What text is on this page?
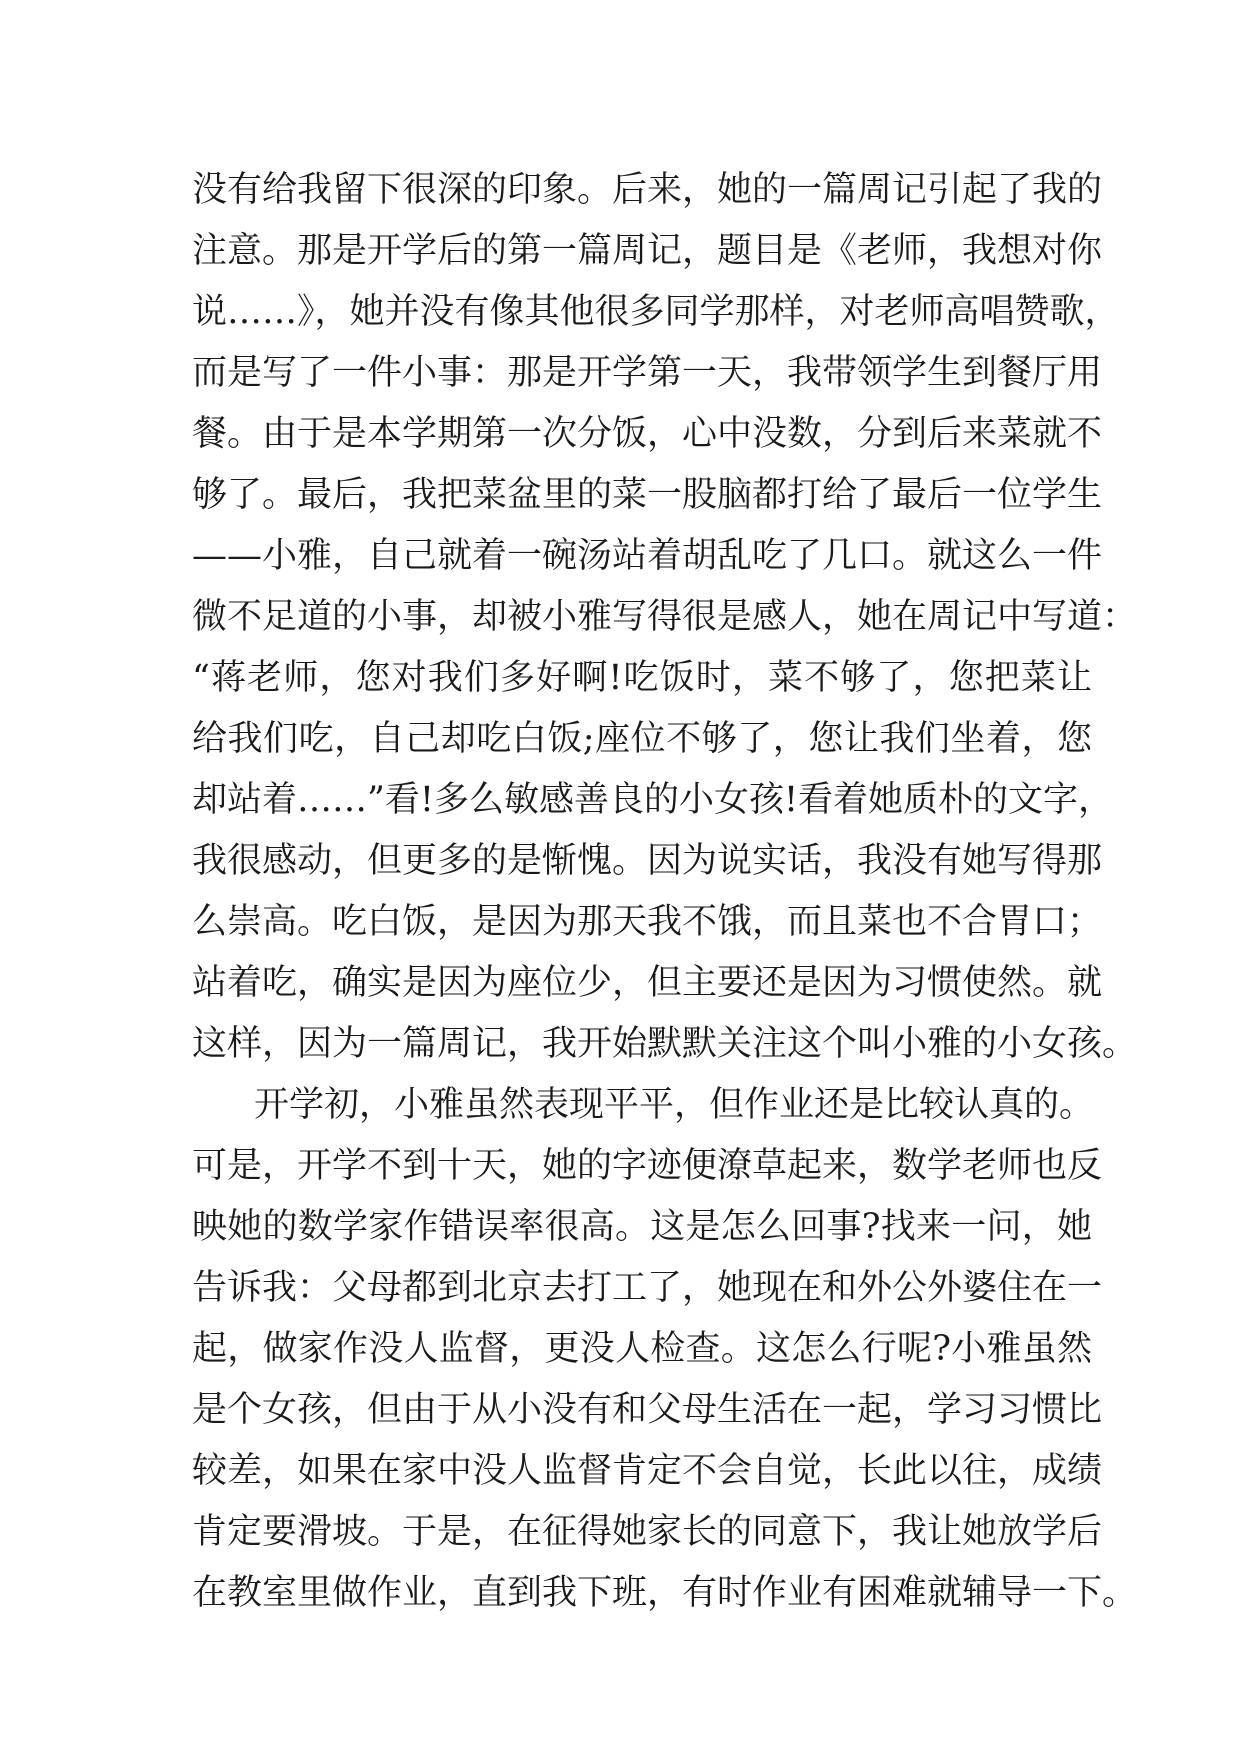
没有给我留下很深的印象。后来，她的一篇周记引起了我的
注意。那是开学后的第一篇周记，题目是《老师，我想对你
说……》，她并没有像其他很多同学那样，对老师高唱赞歌，
而是写了一件小事：那是开学第一天，我带领学生到餐厅用
餐。由于是本学期第一次分饭，心中没数，分到后来菜就不
够了。最后，我把菜盆里的菜一股脑都打给了最后一位学生
——小雅，自己就着一碗汤站着胡乱吃了几口。就这么一件
微不足道的小事，却被小雅写得很是感人，她在周记中写道：
“蒋老师，您对我们多好啊!吃饭时，菜不够了，您把菜让
给我们吃，自己却吃白饭;座位不够了，您让我们坐着，您
却站着……”看!多么敏感善良的小女孩!看着她质朴的文字，
我很感动，但更多的是惭愧。因为说实话，我没有她写得那
么崇高。吃白饭，是因为那天我不饿，而且菜也不合胃口；
站着吃，确实是因为座位少，但主要还是因为习惯使然。就
这样，因为一篇周记，我开始默默关注这个叫小雅的小女孩。
开学初，小雅虽然表现平平，但作业还是比较认真的。
可是，开学不到十天，她的字迹便潦草起来，数学老师也反
映她的数学家作错误率很高。这是怎么回事?找来一问，她
告诉我：父母都到北京去打工了，她现在和外公外婆住在一
起，做家作没人监督，更没人检查。这怎么行呢?小雅虽然
是个女孩，但由于从小没有和父母生活在一起，学习习惯比
较差，如果在家中没人监督肯定不会自觉，长此以往，成绩
肯定要滑坡。于是，在征得她家长的同意下，我让她放学后
在教室里做作业，直到我下班，有时作业有困难就辅导一下。
